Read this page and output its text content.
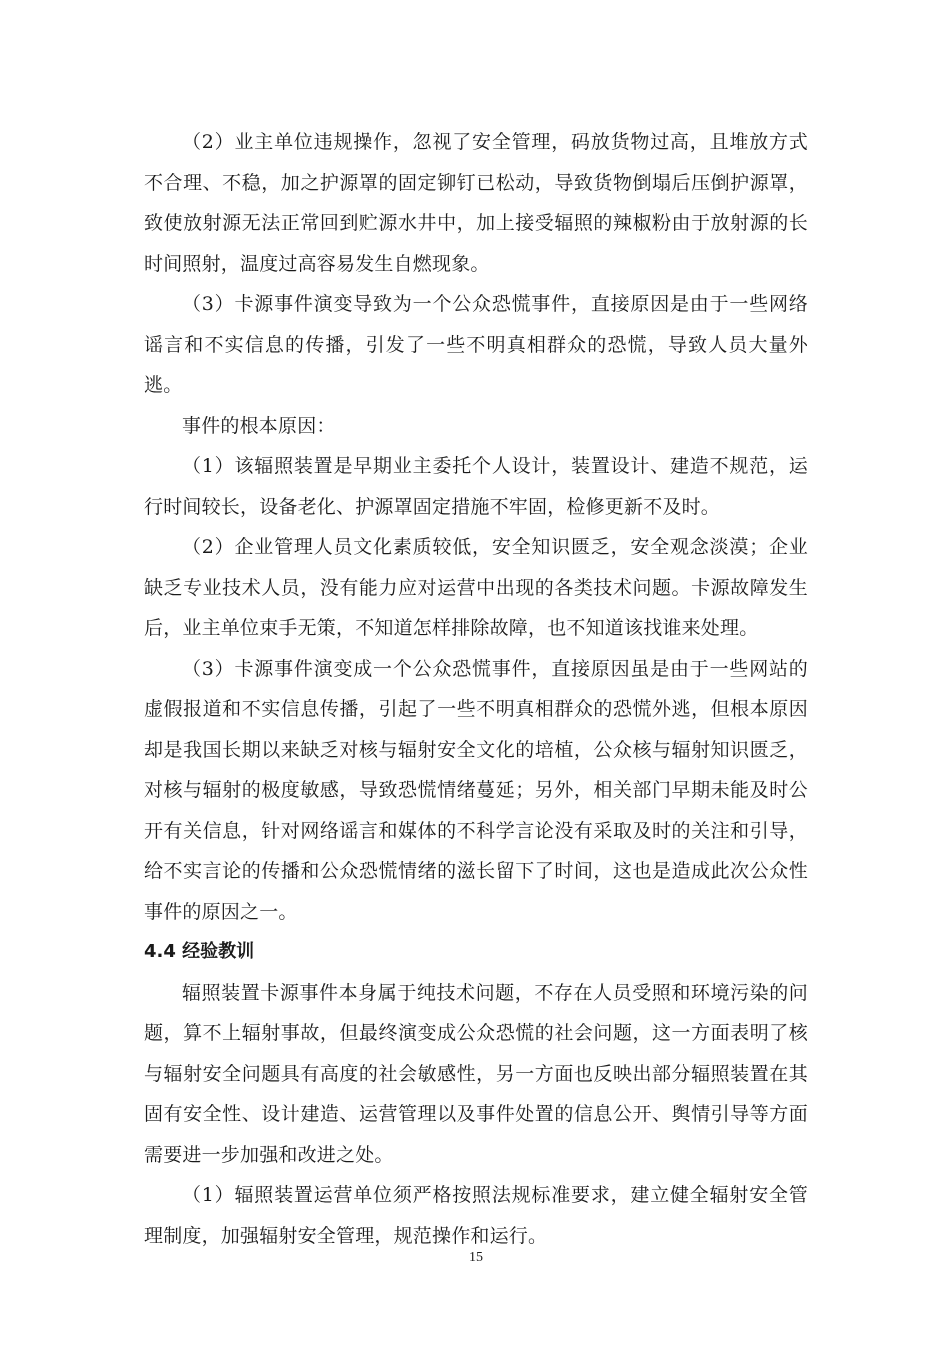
（2）业主单位违规操作，忽视了安全管理，码放货物过高，且堆放方式不合理、不稳，加之护源罩的固定铆钉已松动，导致货物倒塌后压倒护源罩，致使放射源无法正常回到贮源水井中，加上接受辐照的辣椒粉由于放射源的长时间照射，温度过高容易发生自燃现象。

（3）卡源事件演变导致为一个公众恐慌事件，直接原因是由于一些网络谣言和不实信息的传播，引发了一些不明真相群众的恐慌，导致人员大量外逃。

事件的根本原因：

（1）该辐照装置是早期业主委托个人设计，装置设计、建造不规范，运行时间较长，设备老化、护源罩固定措施不牢固，检修更新不及时。

（2）企业管理人员文化素质较低，安全知识匮乏，安全观念淡漠；企业缺乏专业技术人员，没有能力应对运营中出现的各类技术问题。卡源故障发生后，业主单位束手无策，不知道怎样排除故障，也不知道该找谁来处理。

（3）卡源事件演变成一个公众恐慌事件，直接原因虽是由于一些网站的虚假报道和不实信息传播，引起了一些不明真相群众的恐慌外逃，但根本原因却是我国长期以来缺乏对核与辐射安全文化的培植，公众核与辐射知识匮乏，对核与辐射的极度敏感，导致恐慌情绪蔓延；另外，相关部门早期未能及时公开有关信息，针对网络谣言和媒体的不科学言论没有采取及时的关注和引导，给不实言论的传播和公众恐慌情绪的滋长留下了时间，这也是造成此次公众性事件的原因之一。

4.4 经验教训

辐照装置卡源事件本身属于纯技术问题，不存在人员受照和环境污染的问题，算不上辐射事故，但最终演变成公众恐慌的社会问题，这一方面表明了核与辐射安全问题具有高度的社会敏感性，另一方面也反映出部分辐照装置在其固有安全性、设计建造、运营管理以及事件处置的信息公开、舆情引导等方面需要进一步加强和改进之处。

（1）辐照装置运营单位须严格按照法规标准要求，建立健全辐射安全管理制度，加强辐射安全管理，规范操作和运行。

15
